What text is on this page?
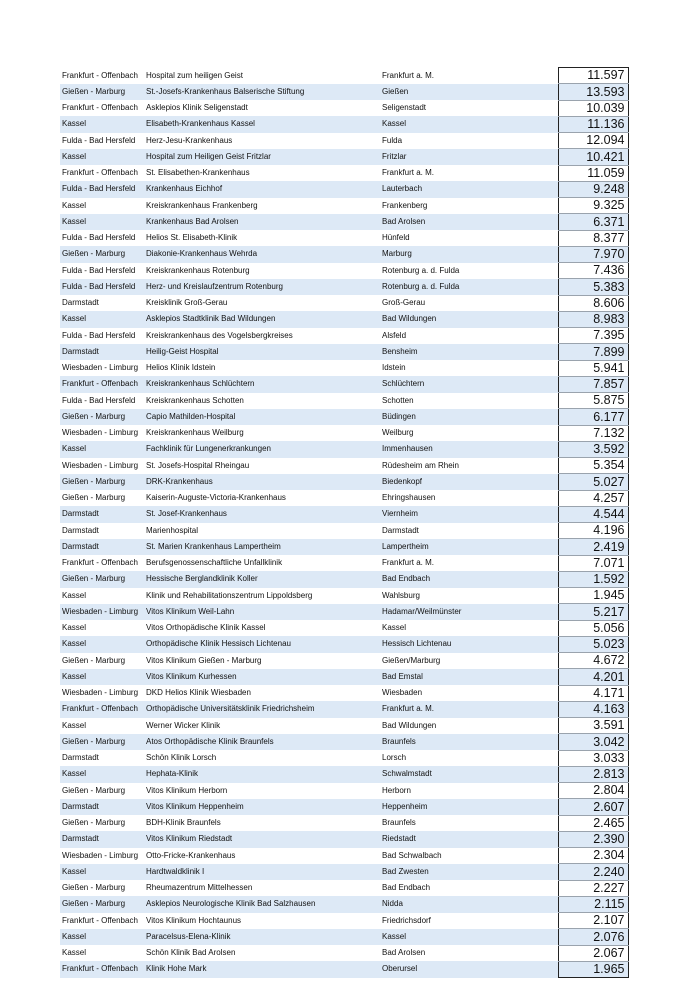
Frankfurt - Offenbach	Hospital zum heiligen Geist	Frankfurt a. M.	11.597
Gießen - Marburg	St.-Josefs-Krankenhaus Balserische Stiftung	Gießen	13.593
Frankfurt - Offenbach	Asklepios Klinik Seligenstadt	Seligenstadt	10.039
Kassel	Elisabeth-Krankenhaus Kassel	Kassel	11.136
Fulda - Bad Hersfeld	Herz-Jesu-Krankenhaus	Fulda	12.094
Kassel	Hospital zum Heiligen Geist Fritzlar	Fritzlar	10.421
Frankfurt - Offenbach	St. Elisabethen-Krankenhaus	Frankfurt a. M.	11.059
Fulda - Bad Hersfeld	Krankenhaus Eichhof	Lauterbach	9.248
Kassel	Kreiskrankenhaus Frankenberg	Frankenberg	9.325
Kassel	Krankenhaus Bad Arolsen	Bad Arolsen	6.371
Fulda - Bad Hersfeld	Helios St. Elisabeth-Klinik	Hünfeld	8.377
Gießen - Marburg	Diakonie-Krankenhaus Wehrda	Marburg	7.970
Fulda - Bad Hersfeld	Kreiskrankenhaus Rotenburg	Rotenburg a. d. Fulda	7.436
Fulda - Bad Hersfeld	Herz- und Kreislaufzentrum Rotenburg	Rotenburg a. d. Fulda	5.383
Darmstadt	Kreisklinik Groß-Gerau	Groß-Gerau	8.606
Kassel	Asklepios Stadtklinik Bad Wildungen	Bad Wildungen	8.983
Fulda - Bad Hersfeld	Kreiskrankenhaus des Vogelsbergkreises	Alsfeld	7.395
Darmstadt	Heilig-Geist Hospital	Bensheim	7.899
Wiesbaden - Limburg	Helios Klinik Idstein	Idstein	5.941
Frankfurt - Offenbach	Kreiskrankenhaus Schlüchtern	Schlüchtern	7.857
Fulda - Bad Hersfeld	Kreiskrankenhaus Schotten	Schotten	5.875
Gießen - Marburg	Capio Mathilden-Hospital	Büdingen	6.177
Wiesbaden - Limburg	Kreiskrankenhaus Weilburg	Weilburg	7.132
Kassel	Fachklinik für Lungenerkrankungen	Immenhausen	3.592
Wiesbaden - Limburg	St. Josefs-Hospital Rheingau	Rüdesheim am Rhein	5.354
Gießen - Marburg	DRK-Krankenhaus	Biedenkopf	5.027
Gießen - Marburg	Kaiserin-Auguste-Victoria-Krankenhaus	Ehringshausen	4.257
Darmstadt	St. Josef-Krankenhaus	Viernheim	4.544
Darmstadt	Marienhospital	Darmstadt	4.196
Darmstadt	St. Marien Krankenhaus Lampertheim	Lampertheim	2.419
Frankfurt - Offenbach	Berufsgenossenschaftliche Unfallklinik	Frankfurt a. M.	7.071
Gießen - Marburg	Hessische Berglandklinik Koller	Bad Endbach	1.592
Kassel	Klinik und Rehabilitationszentrum Lippoldsberg	Wahlsburg	1.945
Wiesbaden - Limburg	Vitos Klinikum Weil-Lahn	Hadamar/Weilmünster	5.217
Kassel	Vitos Orthopädische Klinik Kassel	Kassel	5.056
Kassel	Orthopädische Klinik Hessisch Lichtenau	Hessisch Lichtenau	5.023
Gießen - Marburg	Vitos Klinikum Gießen - Marburg	Gießen/Marburg	4.672
Kassel	Vitos Klinikum Kurhessen	Bad Emstal	4.201
Wiesbaden - Limburg	DKD Helios Klinik Wiesbaden	Wiesbaden	4.171
Frankfurt - Offenbach	Orthopädische Universitätsklinik Friedrichsheim	Frankfurt a. M.	4.163
Kassel	Werner Wicker Klinik	Bad Wildungen	3.591
Gießen - Marburg	Atos Orthopädische Klinik Braunfels	Braunfels	3.042
Darmstadt	Schön Klinik Lorsch	Lorsch	3.033
Kassel	Hephata-Klinik	Schwalmstadt	2.813
Gießen - Marburg	Vitos Klinikum Herborn	Herborn	2.804
Darmstadt	Vitos Klinikum Heppenheim	Heppenheim	2.607
Gießen - Marburg	BDH-Klinik Braunfels	Braunfels	2.465
Darmstadt	Vitos Klinikum Riedstadt	Riedstadt	2.390
Wiesbaden - Limburg	Otto-Fricke-Krankenhaus	Bad Schwalbach	2.304
Kassel	Hardtwaldklinik I	Bad Zwesten	2.240
Gießen - Marburg	Rheumazentrum Mittelhessen	Bad Endbach	2.227
Gießen - Marburg	Asklepios Neurologische Klinik Bad Salzhausen	Nidda	2.115
Frankfurt - Offenbach	Vitos Klinikum Hochtaunus	Friedrichsdorf	2.107
Kassel	Paracelsus-Elena-Klinik	Kassel	2.076
Kassel	Schön Klinik Bad Arolsen	Bad Arolsen	2.067
Frankfurt - Offenbach	Klinik Hohe Mark	Oberursel	1.965
